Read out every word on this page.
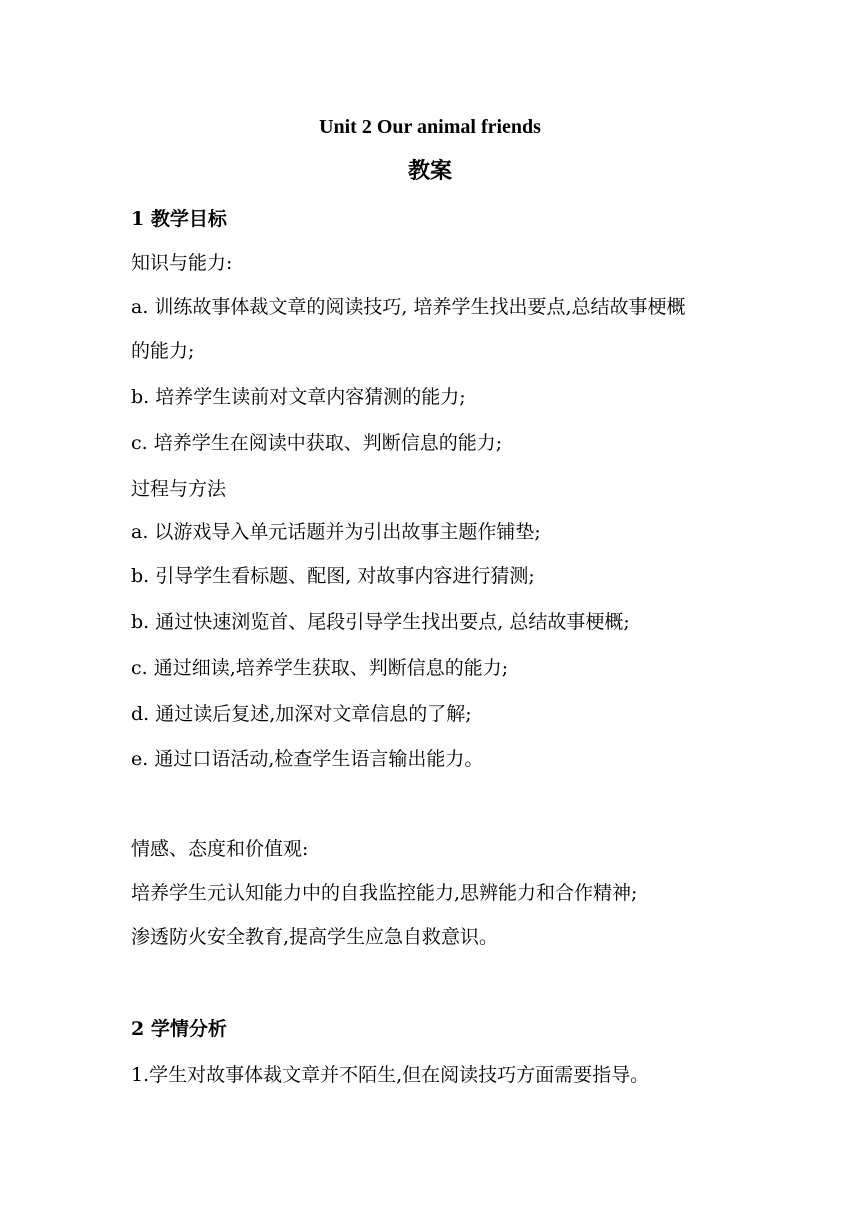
Unit 2 Our animal friends
教案
1 教学目标
知识与能力:
a. 训练故事体裁文章的阅读技巧, 培养学生找出要点,总结故事梗概
的能力;
b. 培养学生读前对文章内容猜测的能力;
c. 培养学生在阅读中获取、判断信息的能力;
过程与方法
a. 以游戏导入单元话题并为引出故事主题作铺垫;
b. 引导学生看标题、配图, 对故事内容进行猜测;
b. 通过快速浏览首、尾段引导学生找出要点, 总结故事梗概;
c. 通过细读,培养学生获取、判断信息的能力;
d. 通过读后复述,加深对文章信息的了解;
e. 通过口语活动,检查学生语言输出能力。
情感、态度和价值观:
培养学生元认知能力中的自我监控能力,思辨能力和合作精神;
渗透防火安全教育,提高学生应急自救意识。
2 学情分析
1.学生对故事体裁文章并不陌生,但在阅读技巧方面需要指导。
